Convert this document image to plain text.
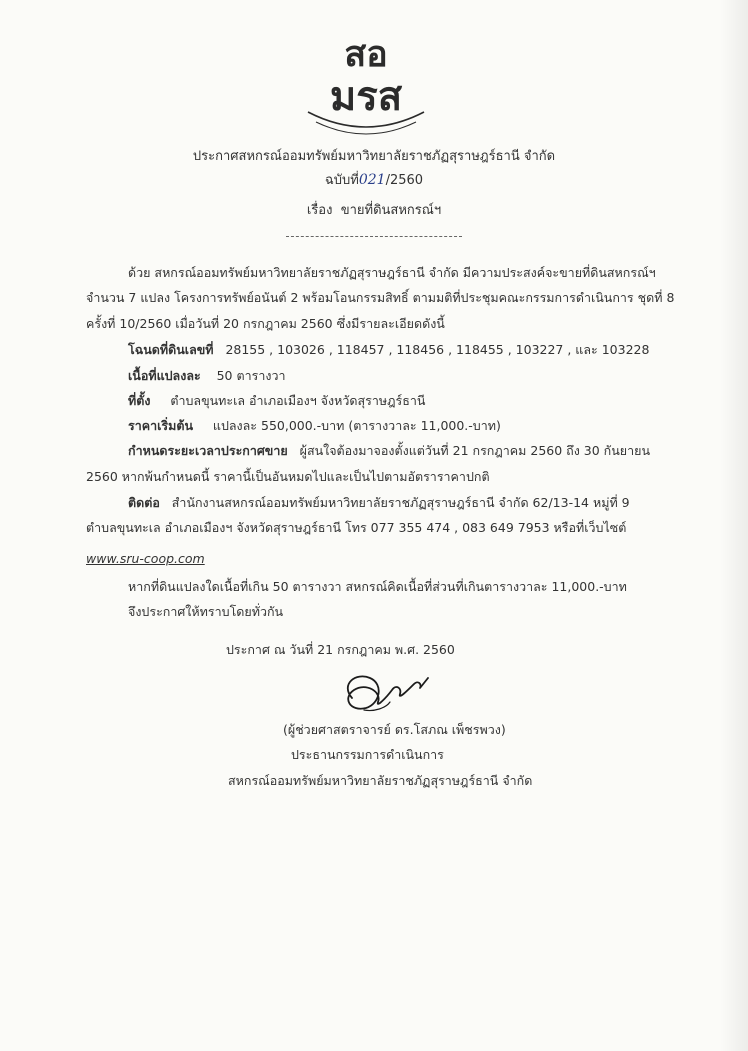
สอ
มรส
ประกาศสหกรณ์ออมทรัพย์มหาวิทยาลัยราชภัฏสุราษฎร์ธานี จำกัด
ฉบับที่021/2560
เรื่อง ขายที่ดินสหกรณ์ฯ
ด้วย สหกรณ์ออมทรัพย์มหาวิทยาลัยราชภัฏสุราษฎร์ธานี จำกัด มีความประสงค์จะขายที่ดินสหกรณ์ฯ
จำนวน 7 แปลง โครงการทรัพย์อนันต์ 2 พร้อมโอนกรรมสิทธิ์ ตามมติที่ประชุมคณะกรรมการดำเนินการ ชุดที่ 8
ครั้งที่ 10/2560 เมื่อวันที่ 20 กรกฎาคม 2560 ซึ่งมีรายละเอียดดังนี้
โฉนดที่ดินเลขที่ 28155 , 103026 , 118457 , 118456 , 118455 , 103227 , และ 103228
เนื้อที่แปลงละ 50 ตารางวา
ที่ตั้ง ตำบลขุนทะเล อำเภอเมืองฯ จังหวัดสุราษฎร์ธานี
ราคาเริ่มต้น แปลงละ 550,000.-บาท (ตารางวาละ 11,000.-บาท)
กำหนดระยะเวลาประกาศขาย ผู้สนใจต้องมาจองตั้งแต่วันที่ 21 กรกฎาคม 2560 ถึง 30 กันยายน
2560 หากพ้นกำหนดนี้ ราคานี้เป็นอันหมดไปและเป็นไปตามอัตราราคาปกติ
ติดต่อ สำนักงานสหกรณ์ออมทรัพย์มหาวิทยาลัยราชภัฏสุราษฎร์ธานี จำกัด 62/13-14 หมู่ที่ 9
ตำบลขุนทะเล อำเภอเมืองฯ จังหวัดสุราษฎร์ธานี โทร 077 355 474 , 083 649 7953 หรือที่เว็บไซต์
www.sru-coop.com
หากที่ดินแปลงใดเนื้อที่เกิน 50 ตารางวา สหกรณ์คิดเนื้อที่ส่วนที่เกินตารางวาละ 11,000.-บาท
จึงประกาศให้ทราบโดยทั่วกัน
ประกาศ ณ วันที่ 21 กรกฎาคม พ.ศ. 2560
(ผู้ช่วยศาสตราจารย์ ดร.โสภณ เพ็ชรพวง)
ประธานกรรมการดำเนินการ
สหกรณ์ออมทรัพย์มหาวิทยาลัยราชภัฏสุราษฎร์ธานี จำกัด
